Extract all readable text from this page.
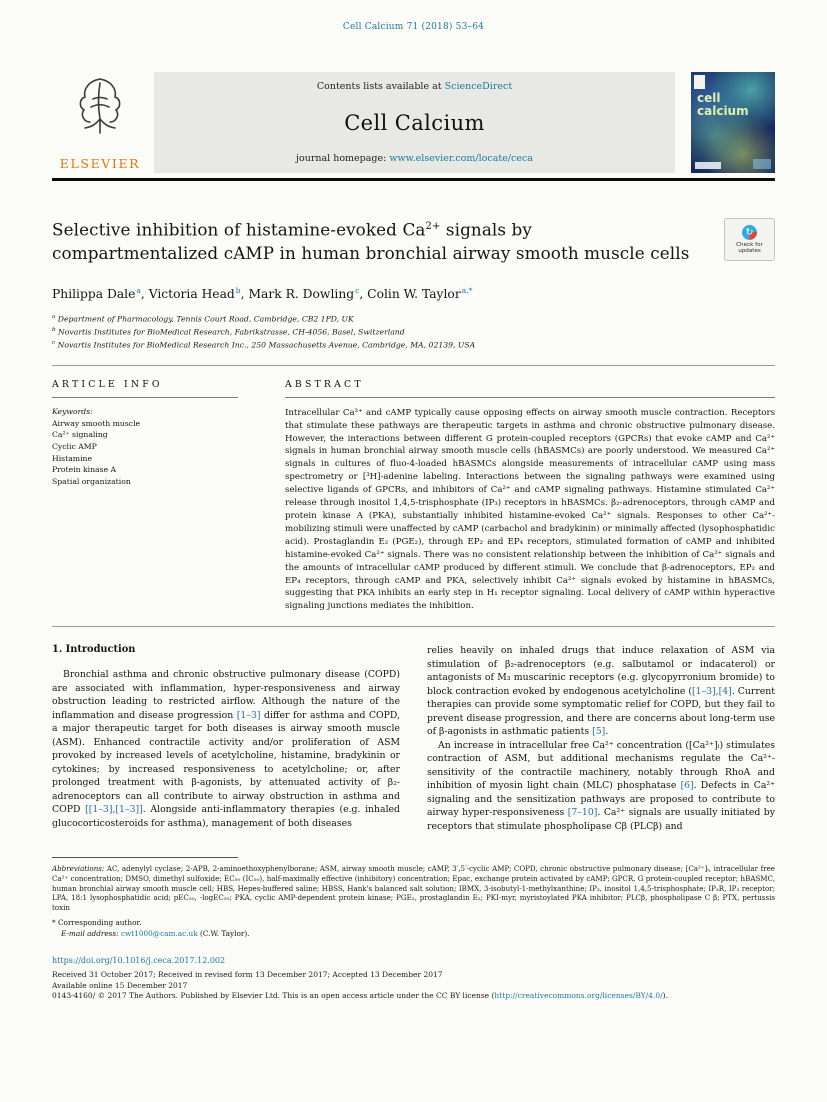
Cell Calcium 71 (2018) 53–64
ELSEVIER
Contents lists available at ScienceDirect
Cell Calcium
journal homepage: www.elsevier.com/locate/ceca
cell
calcium
Selective inhibition of histamine-evoked $Ca^{2+}$ signals by compartmentalized cAMP in human bronchial airway smooth muscle cells
↻
Check for
updates

Philippa Dale$^a$, Victoria Head$^b$, Mark R. Dowling$^c$, Colin W. Taylor$^{a,*}$

$^a$ Department of Pharmacology, Tennis Court Road, Cambridge, CB2 1PD, UK
$^b$ Novartis Institutes for BioMedical Research, Fabrikstrasse, CH-4056, Basel, Switzerland
$^c$ Novartis Institutes for BioMedical Research Inc., 250 Massachusetts Avenue, Cambridge, MA, 02139, USA
ARTICLE INFO
Keywords:
Airway smooth muscle
Ca²⁺ signaling
Cyclic AMP
Histamine
Protein kinase A
Spatial organization
ABSTRACT

Intracellular Ca²⁺ and cAMP typically cause opposing effects on airway smooth muscle contraction. Receptors that stimulate these pathways are therapeutic targets in asthma and chronic obstructive pulmonary disease. However, the interactions between different G protein-coupled receptors (GPCRs) that evoke cAMP and Ca²⁺ signals in human bronchial airway smooth muscle cells (hBASMCs) are poorly understood. We measured Ca²⁺ signals in cultures of fluo-4-loaded hBASMCs alongside measurements of intracellular cAMP using mass spectrometry or [³H]-adenine labeling. Interactions between the signaling pathways were examined using selective ligands of GPCRs, and inhibitors of Ca²⁺ and cAMP signaling pathways. Histamine stimulated Ca²⁺ release through inositol 1,4,5-trisphosphate (IP₃) receptors in hBASMCs. β₂-adrenoceptors, through cAMP and protein kinase A (PKA), substantially inhibited histamine-evoked Ca²⁺ signals. Responses to other Ca²⁺-mobilizing stimuli were unaffected by cAMP (carbachol and bradykinin) or minimally affected (lysophosphatidic acid). Prostaglandin E₂ (PGE₂), through EP₂ and EP₄ receptors, stimulated formation of cAMP and inhibited histamine-evoked Ca²⁺ signals. There was no consistent relationship between the inhibition of Ca²⁺ signals and the amounts of intracellular cAMP produced by different stimuli. We conclude that β-adrenoceptors, EP₂ and EP₄ receptors, through cAMP and PKA, selectively inhibit Ca²⁺ signals evoked by histamine in hBASMCs, suggesting that PKA inhibits an early step in H₁ receptor signaling. Local delivery of cAMP within hyperactive signaling junctions mediates the inhibition.

1. Introduction

Bronchial asthma and chronic obstructive pulmonary disease (COPD) are associated with inflammation, hyper-responsiveness and airway obstruction leading to restricted airflow. Although the nature of the inflammation and disease progression [1–3] differ for asthma and COPD, a major therapeutic target for both diseases is airway smooth muscle (ASM). Enhanced contractile activity and/or proliferation of ASM provoked by increased levels of acetylcholine, histamine, bradykinin or cytokines; by increased responsiveness to acetylcholine; or, after prolonged treatment with β-agonists, by attenuated activity of β₂-adrenoceptors can all contribute to airway obstruction in asthma and COPD [[1–3],[1–3]]. Alongside anti-inflammatory therapies (e.g. inhaled glucocorticosteroids for asthma), management of both diseases

relies heavily on inhaled drugs that induce relaxation of ASM via stimulation of β₂-adrenoceptors (e.g. salbutamol or indacaterol) or antagonists of M₃ muscarinic receptors (e.g. glycopyrronium bromide) to block contraction evoked by endogenous acetylcholine ([1–3],[4]. Current therapies can provide some symptomatic relief for COPD, but they fail to prevent disease progression, and there are concerns about long-term use of β-agonists in asthmatic patients [5].

An increase in intracellular free Ca²⁺ concentration ([Ca²⁺]ᵢ) stimulates contraction of ASM, but additional mechanisms regulate the Ca²⁺-sensitivity of the contractile machinery, notably through RhoA and inhibition of myosin light chain (MLC) phosphatase [6]. Defects in Ca²⁺ signaling and the sensitization pathways are proposed to contribute to airway hyper-responsiveness [7–10]. Ca²⁺ signals are usually initiated by receptors that stimulate phospholipase Cβ (PLCβ) and

Abbreviations: AC, adenylyl cyclase; 2-APB, 2-aminoethoxyphenylborane; ASM, airway smooth muscle; cAMP, 3′,5′-cyclic AMP; COPD, chronic obstructive pulmonary disease; [Ca²⁺]ᵢ, intracellular free Ca²⁺ concentration; DMSO, dimethyl sulfoxide; EC₅₀ (IC₅₀), half-maximally effective (inhibitory) concentration; Epac, exchange protein activated by cAMP; GPCR, G protein-coupled receptor; hBASMC, human bronchial airway smooth muscle cell; HBS, Hepes-buffered saline; HBSS, Hank's balanced salt solution; IBMX, 3-isobutyl-1-methylxanthine; IP₃, inositol 1,4,5-trisphosphate; IP₃R, IP₃ receptor; LPA, 18:1 lysophosphatidic acid; pEC₅₀, -logEC₅₀; PKA, cyclic AMP-dependent protein kinase; PGE₂, prostaglandin E₂; PKI-myr, myristoylated PKA inhibitor; PLCβ, phospholipase C β; PTX, pertussis toxin
* Corresponding author.
E-mail address: cwt1000@cam.ac.uk (C.W. Taylor).
https://doi.org/10.1016/j.ceca.2017.12.002
Received 31 October 2017; Received in revised form 13 December 2017; Accepted 13 December 2017
Available online 15 December 2017
0143-4160/ © 2017 The Authors. Published by Elsevier Ltd. This is an open access article under the CC BY license (http://creativecommons.org/licenses/BY/4.0/).
